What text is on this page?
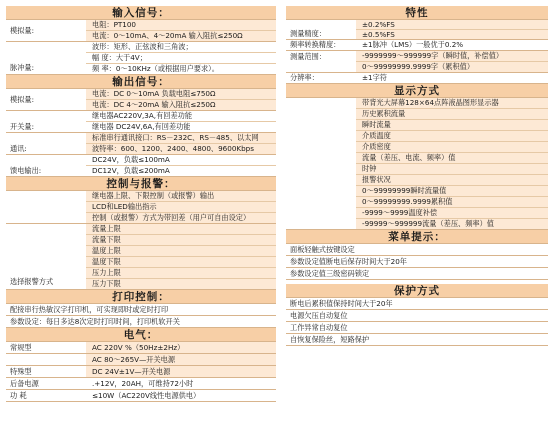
输入信号：
模拟量:
电阻：PT100
电流：0～10mA、4～20mA 输入阻抗≤250Ω
脉冲量:
波形：矩形、正弦波和三角波；
幅 度：大于4V；
频 率：0～10KHz（或根据用户要求）。
输出信号：
模拟量:
电流：DC 0～10mA 负载电阻≤750Ω
电流：DC 4～20mA 输入阻抗≤250Ω
开关量:
继电器AC220V,3A,有回差功能
继电器 DC24V,6A,有回差功能
通讯:
标准串行通讯接口：RS－232C、RS－485、以太网
波特率：600、1200、2400、4800、9600Kbps
馈电输出:
DC24V，负载≤100mA
DC12V，负载≤200mA
控制与报警：
继电器上限、下限控制（或报警）输出
LCD和LED输出指示
控制（或报警）方式为带回差（用户可自由设定）
选择报警方式
流量上限
流量下限
温度上限
温度下限
压力上限
压力下限
打印控制：
配接串行热敏汉字打印机，可实现即时或定时打印
参数设定：每日多达8次定时打印时间，打印机软开关
电气：
常规型	AC 220V %（50Hz±2Hz）
AC 80～265V—开关电源
特殊型	DC 24V±1V—开关电源
后备电源	.+12V，20AH，可维持72小时
功 耗	≤10W（AC220V线性电源供电）
特性
测量精度：
±0.2%FS
±0.5%FS
频率转换精度：	±1脉冲（LMS）一般优于0.2%
测量范围：	-9999999～999999字（瞬时值，补偿值）
0～99999999.9999字（累积值）
分辨率：	±1字符
显示方式
带背光大屏幕128×64点阵液晶图形显示器
历史累积流量
瞬时流量
介质温度
介质密度
流量（差压、电流、频率）值
时钟
报警状况
0～99999999瞬时流量值
0～99999999.9999累积值
-9999～9999温度补偿
-99999～999999流量（差压、频率）值
菜单提示：
面板轻触式按键设定
参数设定值断电后保存时间大于20年
参数设定值三级密码锁定
保护方式
断电后累积值保持时间大于20年
电源欠压自动复位
工作异常自动复位
自恢复保险丝，短路保护
